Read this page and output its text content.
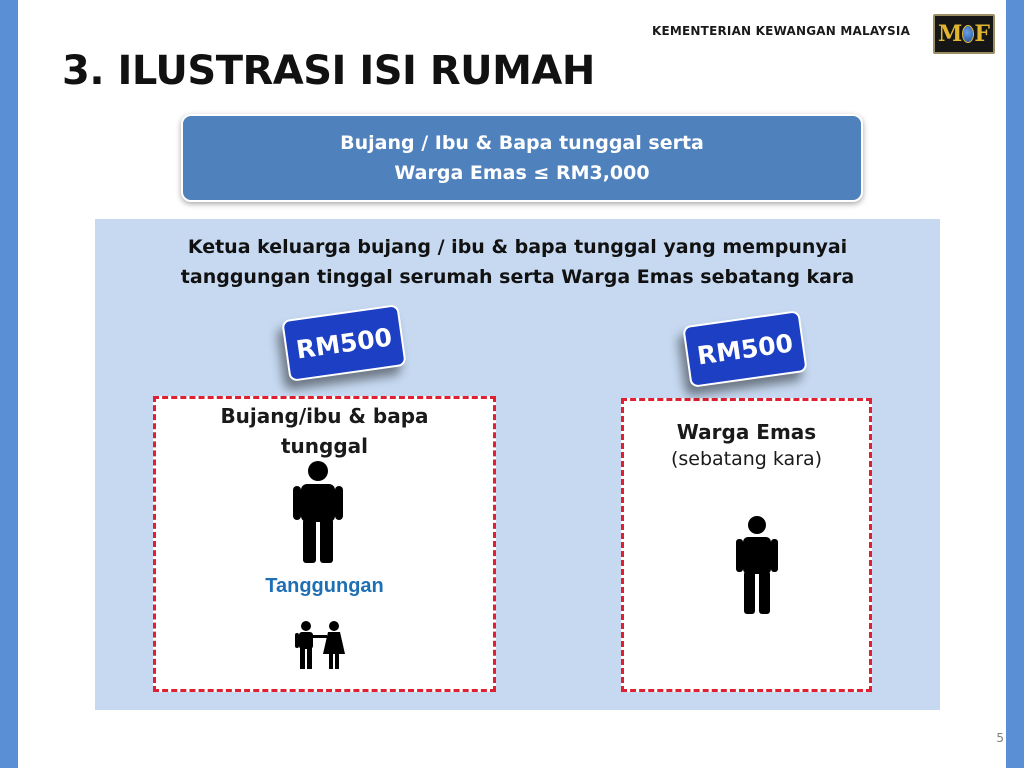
KEMENTERIAN KEWANGAN MALAYSIA	M F
3. ILUSTRASI ISI RUMAH
Bujang / Ibu & Bapa tunggal serta
Warga Emas ≤ RM3,000
Ketua keluarga bujang / ibu & bapa tunggal yang mempunyai
tanggungan tinggal serumah serta Warga Emas sebatang kara
Bujang/ibu & bapa
tunggal
Tanggungan
Warga Emas
(sebatang kara)
RM500	RM500
5
